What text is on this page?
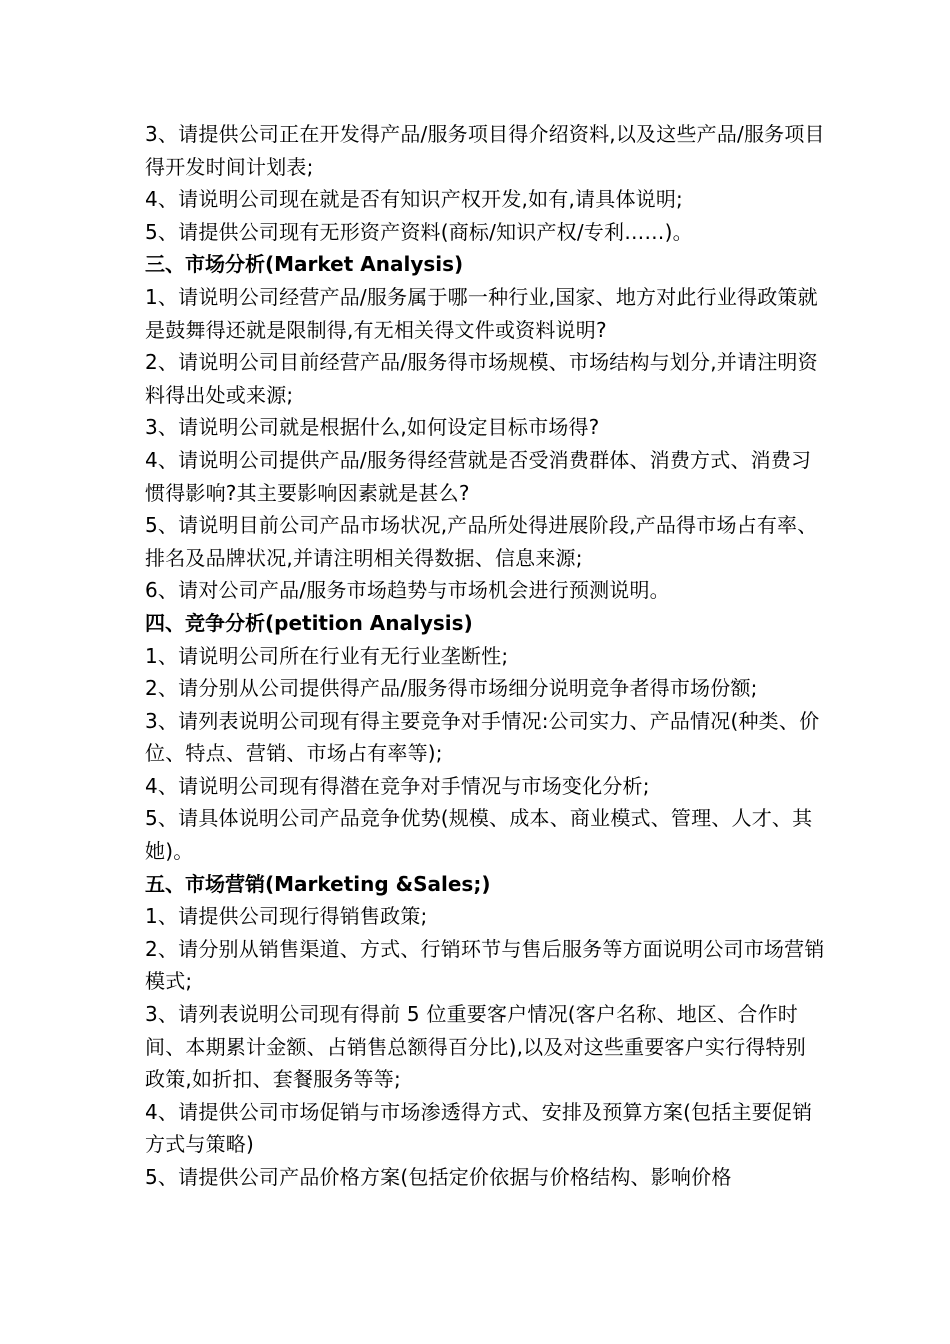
3、请提供公司正在开发得产品/服务项目得介绍资料,以及这些产品/服务项目得开发时间计划表;

4、请说明公司现在就是否有知识产权开发,如有,请具体说明;

5、请提供公司现有无形资产资料(商标/知识产权/专利……)。

三、市场分析(Market Analysis)

1、请说明公司经营产品/服务属于哪一种行业,国家、地方对此行业得政策就是鼓舞得还就是限制得,有无相关得文件或资料说明?

2、请说明公司目前经营产品/服务得市场规模、市场结构与划分,并请注明资料得出处或来源;

3、请说明公司就是根据什么,如何设定目标市场得?

4、请说明公司提供产品/服务得经营就是否受消费群体、消费方式、消费习惯得影响?其主要影响因素就是甚么?

5、请说明目前公司产品市场状况,产品所处得进展阶段,产品得市场占有率、排名及品牌状况,并请注明相关得数据、信息来源;

6、请对公司产品/服务市场趋势与市场机会进行预测说明。

四、竞争分析(petition Analysis)

1、请说明公司所在行业有无行业垄断性;

2、请分别从公司提供得产品/服务得市场细分说明竞争者得市场份额;

3、请列表说明公司现有得主要竞争对手情况:公司实力、产品情况(种类、价位、特点、营销、市场占有率等);

4、请说明公司现有得潜在竞争对手情况与市场变化分析;

5、请具体说明公司产品竞争优势(规模、成本、商业模式、管理、人才、其她)。

五、市场营销(Marketing &Sales;)

1、请提供公司现行得销售政策;

2、请分别从销售渠道、方式、行销环节与售后服务等方面说明公司市场营销模式;

3、请列表说明公司现有得前 5 位重要客户情况(客户名称、地区、合作时间、本期累计金额、占销售总额得百分比),以及对这些重要客户实行得特别政策,如折扣、套餐服务等等;

4、请提供公司市场促销与市场渗透得方式、安排及预算方案(包括主要促销方式与策略)

5、请提供公司产品价格方案(包括定价依据与价格结构、影响价格
